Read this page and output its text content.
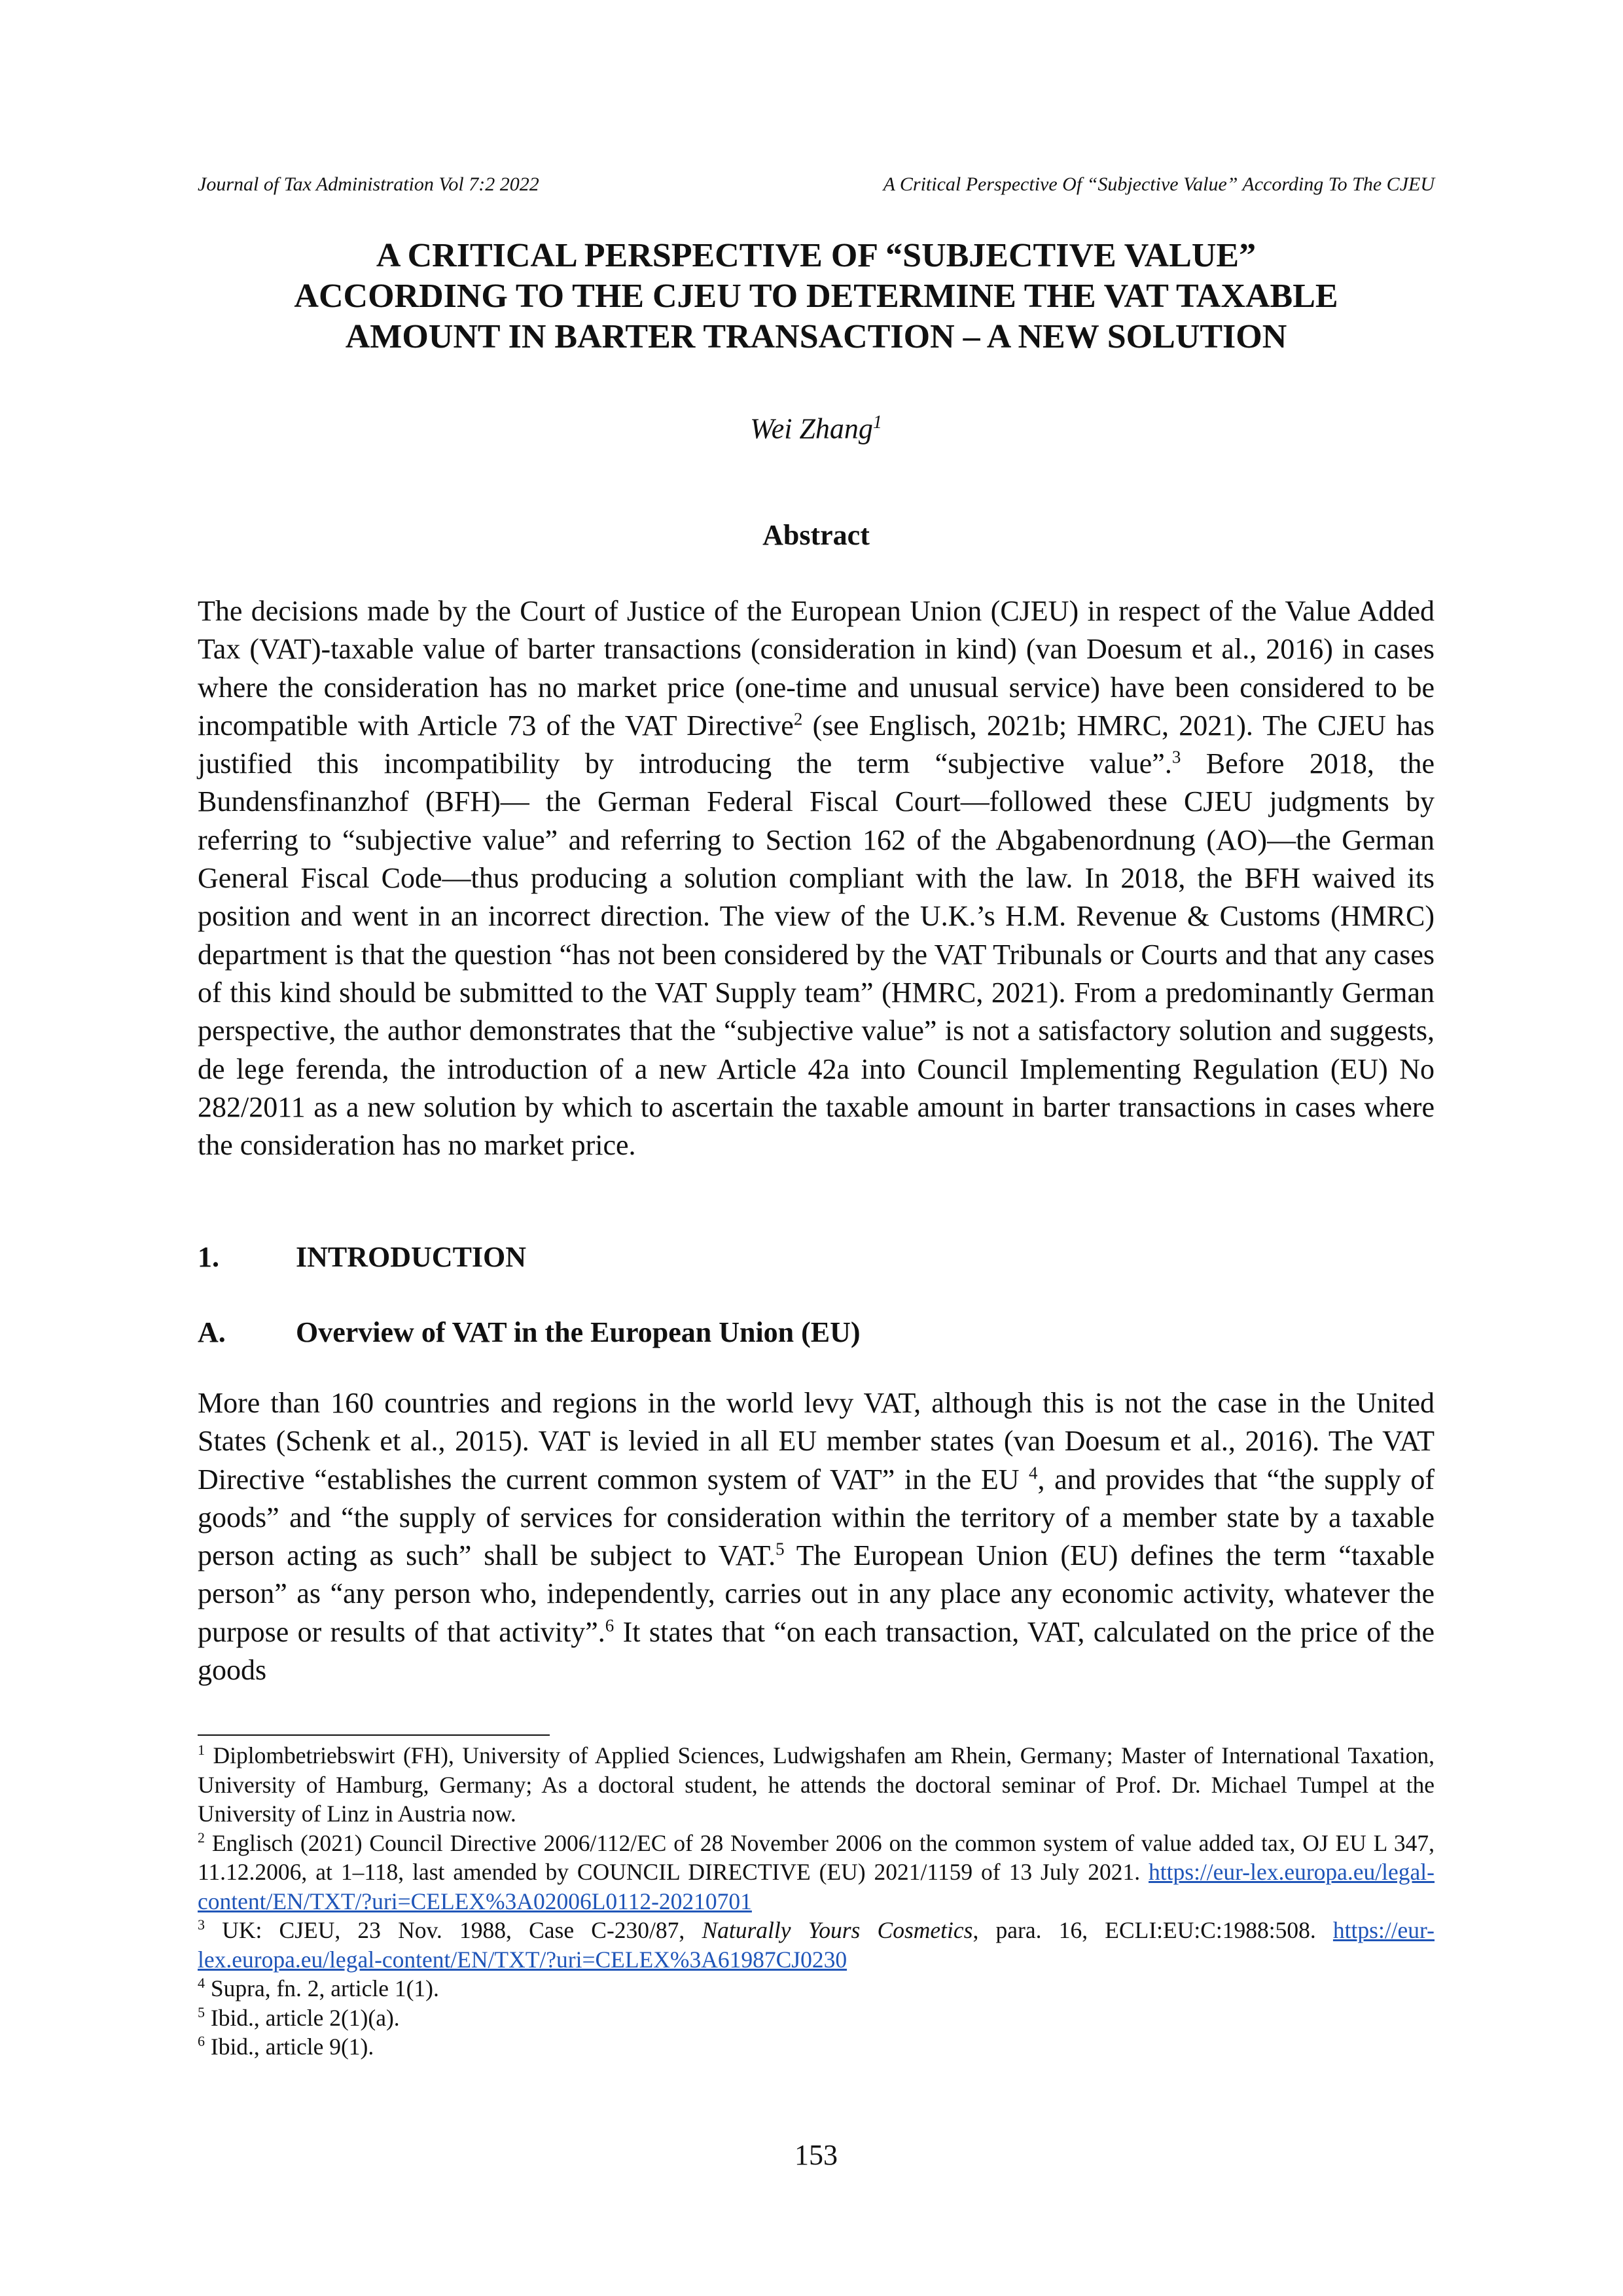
Journal of Tax Administration Vol 7:2 2022	A Critical Perspective Of “Subjective Value” According To The CJEU
A CRITICAL PERSPECTIVE OF “SUBJECTIVE VALUE”
ACCORDING TO THE CJEU TO DETERMINE THE VAT TAXABLE
AMOUNT IN BARTER TRANSACTION – A NEW SOLUTION
Wei Zhang$^1$
Abstract

The decisions made by the Court of Justice of the European Union (CJEU) in respect of the Value Added Tax (VAT)-taxable value of barter transactions (consideration in kind) (van Doesum et al., 2016) in cases where the consideration has no market price (one-time and unusual service) have been considered to be incompatible with Article 73 of the VAT Directive$^2$ (see Englisch, 2021b; HMRC, 2021). The CJEU has justified this incompatibility by introducing the term “subjective value”.$^3$ Before 2018, the Bundensfinanzhof (BFH)— the German Federal Fiscal Court—followed these CJEU judgments by referring to “subjective value” and referring to Section 162 of the Abgabenordnung (AO)—the German General Fiscal Code—thus producing a solution compliant with the law. In 2018, the BFH waived its position and went in an incorrect direction. The view of the U.K.’s H.M. Revenue & Customs (HMRC) department is that the question “has not been considered by the VAT Tribunals or Courts and that any cases of this kind should be submitted to the VAT Supply team” (HMRC, 2021). From a predominantly German perspective, the author demonstrates that the “subjective value” is not a satisfactory solution and suggests, de lege ferenda, the introduction of a new Article 42a into Council Implementing Regulation (EU) No 282/2011 as a new solution by which to ascertain the taxable amount in barter transactions in cases where the consideration has no market price.

1.	INTRODUCTION
A.	Overview of VAT in the European Union (EU)

More than 160 countries and regions in the world levy VAT, although this is not the case in the United States (Schenk et al., 2015). VAT is levied in all EU member states (van Doesum et al., 2016). The VAT Directive “establishes the current common system of VAT” in the EU $^4$, and provides that “the supply of goods” and “the supply of services for consideration within the territory of a member state by a taxable person acting as such” shall be subject to VAT.$^5$ The European Union (EU) defines the term “taxable person” as “any person who, independently, carries out in any place any economic activity, whatever the purpose or results of that activity”.$^6$ It states that “on each transaction, VAT, calculated on the price of the goods

$^1$ Diplombetriebswirt (FH), University of Applied Sciences, Ludwigshafen am Rhein, Germany; Master of International Taxation, University of Hamburg, Germany; As a doctoral student, he attends the doctoral seminar of Prof. Dr. Michael Tumpel at the University of Linz in Austria now.

$^2$ Englisch (2021) Council Directive 2006/112/EC of 28 November 2006 on the common system of value added tax, OJ EU L 347, 11.12.2006, at 1–118, last amended by COUNCIL DIRECTIVE (EU) 2021/1159 of 13 July 2021. https://eur-lex.europa.eu/legal-content/EN/TXT/?uri=CELEX%3A02006L0112-20210701

$^3$ UK: CJEU, 23 Nov. 1988, Case C-230/87, Naturally Yours Cosmetics, para. 16, ECLI:EU:C:1988:508. https://eur-lex.europa.eu/legal-content/EN/TXT/?uri=CELEX%3A61987CJ0230

$^4$ Supra, fn. 2, article 1(1).

$^5$ Ibid., article 2(1)(a).

$^6$ Ibid., article 9(1).

153
